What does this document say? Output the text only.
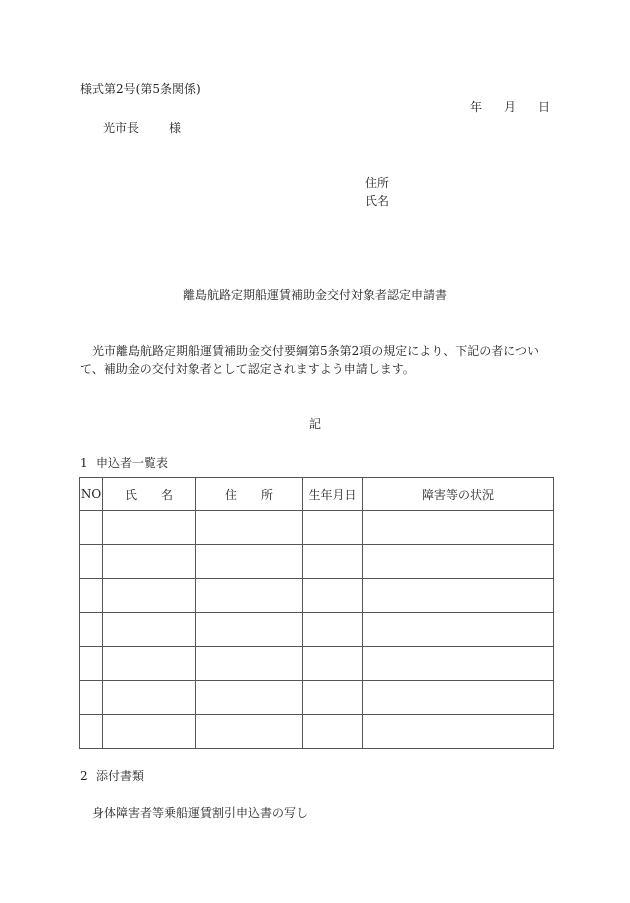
様式第2号(第5条関係)
年 月 日
光市長	様
住所
氏名
離島航路定期船運賃補助金交付対象者認定申請書
　光市離島航路定期船運賃補助金交付要綱第5条第2項の規定により、下記の者について、補助金の交付対象者として認定されますよう申請します。
記
1 申込者一覧表
NO	氏　　名	住　　所	生年月日	障害等の状況

2 添付書類
身体障害者等乗船運賃割引申込書の写し
